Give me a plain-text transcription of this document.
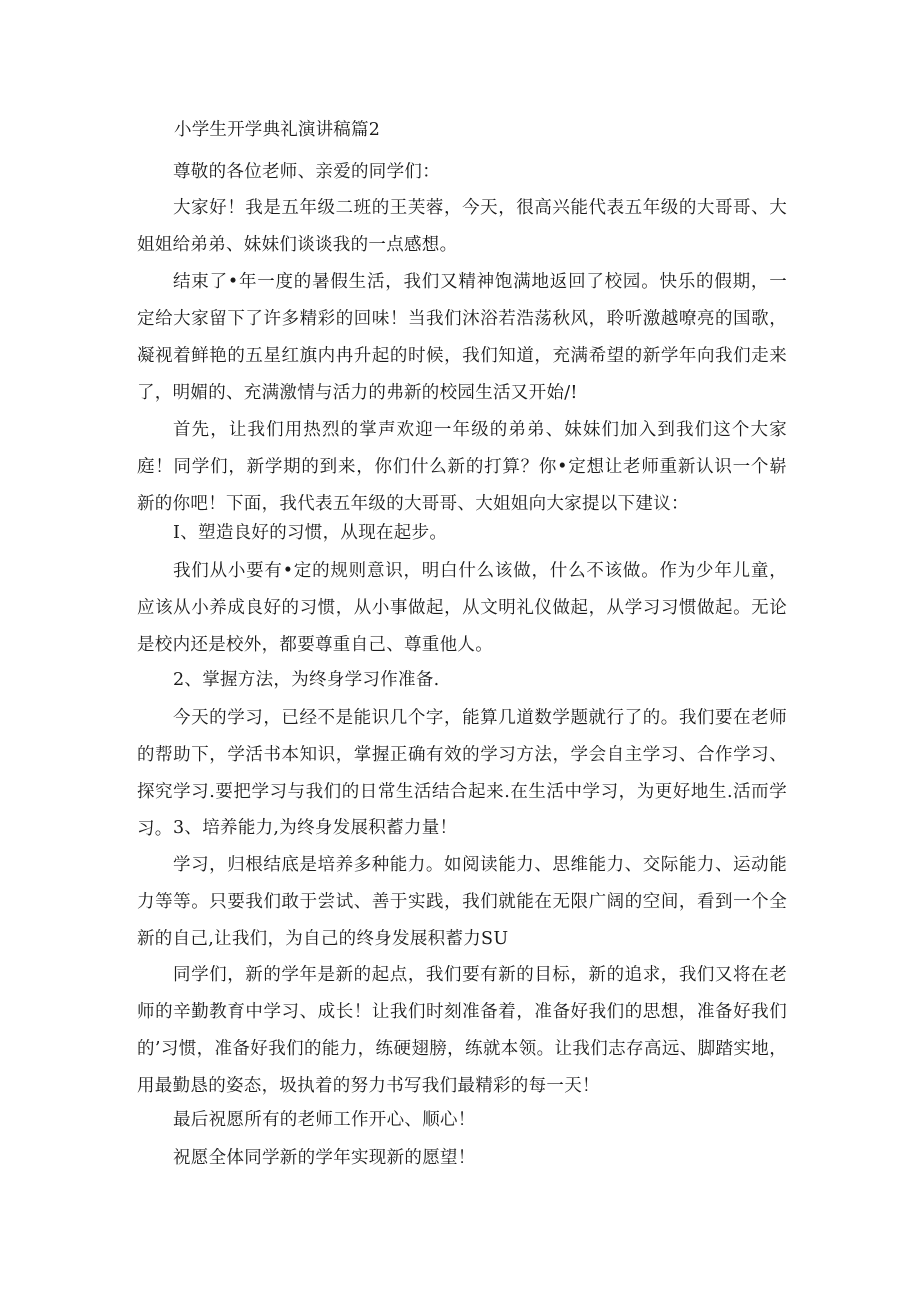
小学生开学典礼演讲稿篇2

尊敬的各位老师、亲爱的同学们：

大家好！我是五年级二班的王芙蓉，今天，很高兴能代表五年级的大哥哥、大姐姐给弟弟、妹妹们谈谈我的一点感想。

结束了•年一度的暑假生活，我们又精神饱满地返回了校园。快乐的假期，一定给大家留下了许多精彩的回味！当我们沐浴若浩荡秋风，聆听激越嘹亮的国歌，凝视着鲜艳的五星红旗内冉升起的时候，我们知道，充满希望的新学年向我们走来了，明媚的、充满激情与活力的弗新的校园生活又开始/!

首先，让我们用热烈的掌声欢迎一年级的弟弟、妹妹们加入到我们这个大家庭！同学们，新学期的到来，你们什么新的打算？你•定想让老师重新认识一个崭新的你吧！下面，我代表五年级的大哥哥、大姐姐向大家提以下建议：

I、塑造良好的习惯，从现在起步。

我们从小要有•定的规则意识，明白什么该做，什么不该做。作为少年儿童，应该从小养成良好的习惯，从小事做起，从文明礼仪做起，从学习习惯做起。无论是校内还是校外，都要尊重自己、尊重他人。

2、掌握方法，为终身学习作准备.

今天的学习，已经不是能识几个字，能算几道数学题就行了的。我们要在老师的帮助下，学活书本知识，掌握正确有效的学习方法，学会自主学习、合作学习、探究学习.要把学习与我们的日常生活结合起来.在生活中学习，为更好地生.活而学习。 3、培养能力,为终身发展积蓄力量！

学习，归根结底是培养多种能力。如阅读能力、思维能力、交际能力、运动能力等等。只要我们敢于尝试、善于实践，我们就能在无限广阔的空间，看到一个全新的自己,让我们，为自己的终身发展积蓄力SU

同学们，新的学年是新的起点，我们要有新的目标，新的追求，我们又将在老师的辛勤教育中学习、成长！让我们时刻准备着，准备好我们的思想，准备好我们的’习惯，准备好我们的能力，练硬翅膀，练就本领。让我们志存高远、脚踏实地，用最勤恳的姿态，圾执着的努力书写我们最精彩的每一天！

最后祝愿所有的老师工作开心、顺心！

祝愿全体同学新的学年实现新的愿望！
